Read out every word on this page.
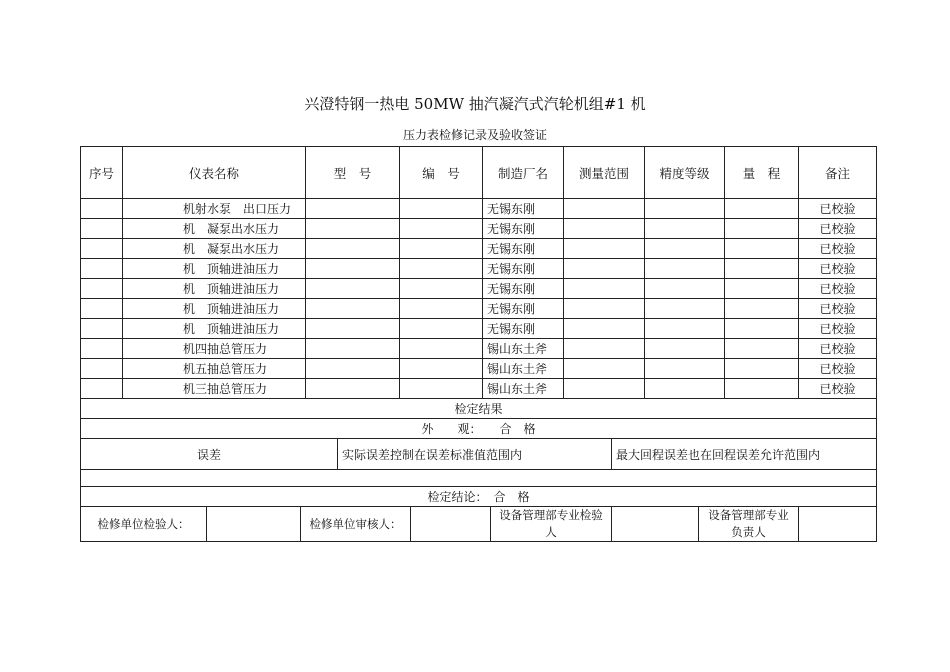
兴澄特钢一热电 50MW 抽汽凝汽式汽轮机组#1 机
压力表检修记录及验收签证
序号	仪表名称	型　号	编　号	制造厂名	测量范围	精度等级	量　程	备注
	机射水泵　出口压力			无锡东刚				已校验
	机　凝泵出水压力			无锡东刚				已校验
	机　凝泵出水压力			无锡东刚				已校验
	机　顶轴进油压力			无锡东刚				已校验
	机　顶轴进油压力			无锡东刚				已校验
	机　顶轴进油压力			无锡东刚				已校验
	机　顶轴进油压力			无锡东刚				已校验
	机四抽总管压力			锡山东土斧				已校验
	机五抽总管压力			锡山东土斧				已校验
	机三抽总管压力			锡山东土斧				已校验
检定结果
外　　观：　　合　格
误差	实际误差控制在误差标准值范围内	最大回程误差也在回程误差允许范围内

检定结论：　合　格
检修单位检验人：		检修单位审核人：		设备管理部专业检验人		设备管理部专业负责人	
